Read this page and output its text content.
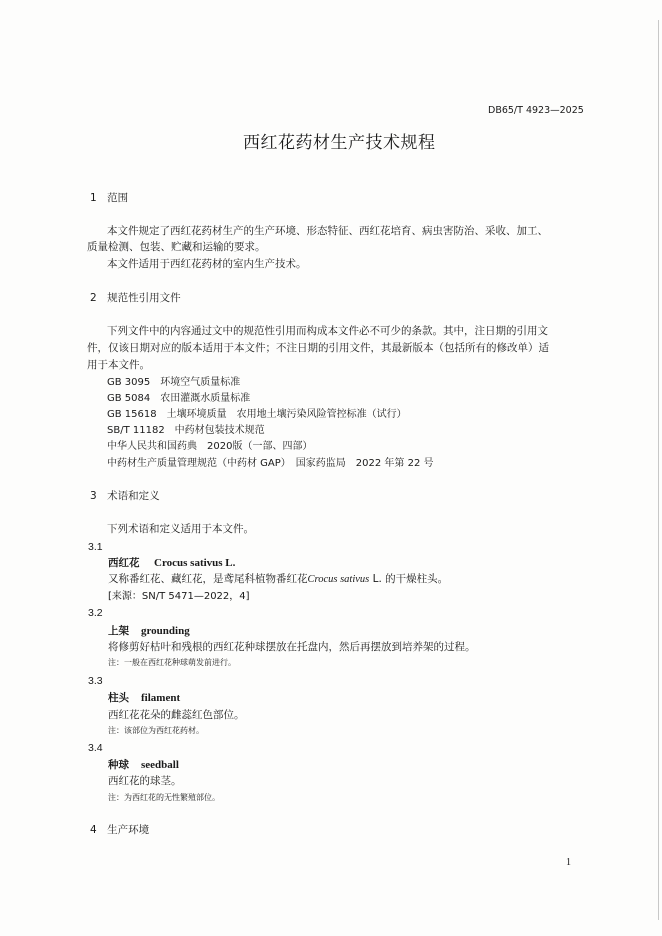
DB65/T 4923—2025
西红花药材生产技术规程
1　范围
本文件规定了西红花药材生产的生产环境、形态特征、西红花培育、病虫害防治、采收、加工、
质量检测、包装、贮藏和运输的要求。
本文件适用于西红花药材的室内生产技术。
2　规范性引用文件
下列文件中的内容通过文中的规范性引用而构成本文件必不可少的条款。其中，注日期的引用文
件，仅该日期对应的版本适用于本文件；不注日期的引用文件，其最新版本（包括所有的修改单）适
用于本文件。
GB 3095　环境空气质量标准
GB 5084　农田灌溉水质量标准
GB 15618　土壤环境质量　农用地土壤污染风险管控标准（试行）
SB/T 11182　中药材包装技术规范
中华人民共和国药典　2020版（一部、四部）
中药材生产质量管理规范（中药材 GAP）　国家药监局　2022 年第 22 号
3　术语和定义
下列术语和定义适用于本文件。
3.1
西红花 Crocus sativus L.
又称番红花、藏红花，是鸢尾科植物番红花Crocus sativus L. 的干燥柱头。
[来源：SN/T 5471—2022，4]
3.2
上架 grounding
将修剪好枯叶和残根的西红花种球摆放在托盘内，然后再摆放到培养架的过程。
注：一般在西红花种球萌发前进行。
3.3
柱头 filament
西红花花朵的雌蕊红色部位。
注：该部位为西红花药材。
3.4
种球 seedball
西红花的球茎。
注：为西红花的无性繁殖部位。
4　生产环境
1
